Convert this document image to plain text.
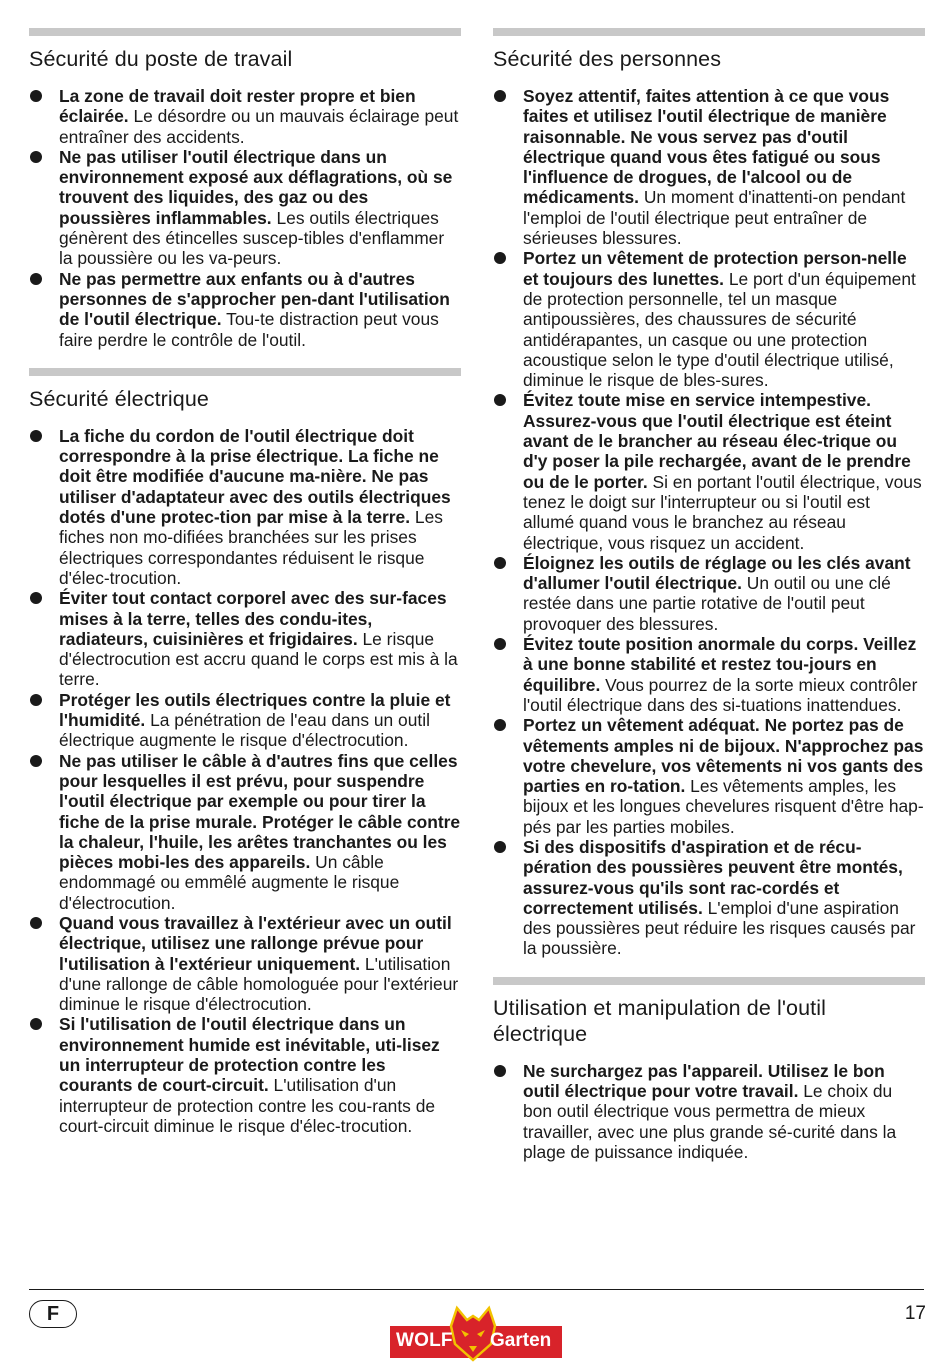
Sécurité du poste de travail
La zone de travail doit rester propre et bien éclairée. Le désordre ou un mauvais éclairage peut entraîner des accidents.
Ne pas utiliser l'outil électrique dans un environnement exposé aux déflagrations, où se trouvent des liquides, des gaz ou des poussières inflammables. Les outils électriques génèrent des étincelles suscep-tibles d'enflammer la poussière ou les va-peurs.
Ne pas permettre aux enfants ou à d'autres personnes de s'approcher pen-dant l'utilisation de l'outil électrique. Tou-te distraction peut vous faire perdre le contrôle de l'outil.
Sécurité électrique
La fiche du cordon de l'outil électrique doit correspondre à la prise électrique. La fiche ne doit être modifiée d'aucune ma-nière. Ne pas utiliser d'adaptateur avec des outils électriques dotés d'une protec-tion par mise à la terre. Les fiches non mo-difiées branchées sur les prises électriques correspondantes réduisent le risque d'élec-trocution.
Éviter tout contact corporel avec des sur-faces mises à la terre, telles des condu-ites, radiateurs, cuisinières et frigidaires. Le risque d'électrocution est accru quand le corps est mis à la terre.
Protéger les outils électriques contre la pluie et l'humidité. La pénétration de l'eau dans un outil électrique augmente le risque d'électrocution.
Ne pas utiliser le câble à d'autres fins que celles pour lesquelles il est prévu, pour suspendre l'outil électrique par exemple ou pour tirer la fiche de la prise murale. Protéger le câble contre la chaleur, l'huile, les arêtes tranchantes ou les pièces mobi-les des appareils. Un câble endommagé ou emmêlé augmente le risque d'électrocution.
Quand vous travaillez à l'extérieur avec un outil électrique, utilisez une rallonge prévue pour l'utilisation à l'extérieur uniquement. L'utilisation d'une rallonge de câble homologuée pour l'extérieur diminue le risque d'électrocution.
Si l'utilisation de l'outil électrique dans un environnement humide est inévitable, uti-lisez un interrupteur de protection contre les courants de court-circuit. L'utilisation d'un interrupteur de protection contre les cou-rants de court-circuit diminue le risque d'élec-trocution.
Sécurité des personnes
Soyez attentif, faites attention à ce que vous faites et utilisez l'outil électrique de manière raisonnable. Ne vous servez pas d'outil électrique quand vous êtes fatigué ou sous l'influence de drogues, de l'alcool ou de médicaments. Un moment d'inattenti-on pendant l'emploi de l'outil électrique peut entraîner de sérieuses blessures.
Portez un vêtement de protection person-nelle et toujours des lunettes. Le port d'un équipement de protection personnelle, tel un masque antipoussières, des chaussures de sécurité antidérapantes, un casque ou une protection acoustique selon le type d'outil électrique utilisé, diminue le risque de bles-sures.
Évitez toute mise en service intempestive. Assurez-vous que l'outil électrique est éteint avant de le brancher au réseau élec-trique ou d'y poser la pile rechargée, avant de le prendre ou de le porter. Si en portant l'outil électrique, vous tenez le doigt sur l'interrupteur ou si l'outil est allumé quand vous le branchez au réseau électrique, vous risquez un accident.
Éloignez les outils de réglage ou les clés avant d'allumer l'outil électrique. Un outil ou une clé restée dans une partie rotative de l'outil peut provoquer des blessures.
Évitez toute position anormale du corps. Veillez à une bonne stabilité et restez tou-jours en équilibre. Vous pourrez de la sorte mieux contrôler l'outil électrique dans des si-tuations inattendues.
Portez un vêtement adéquat. Ne portez pas de vêtements amples ni de bijoux. N'approchez pas votre chevelure, vos vêtements ni vos gants des parties en ro-tation. Les vêtements amples, les bijoux et les longues chevelures risquent d'être hap-pés par les parties mobiles.
Si des dispositifs d'aspiration et de récu-pération des poussières peuvent être montés, assurez-vous qu'ils sont rac-cordés et correctement utilisés. L'emploi d'une aspiration des poussières peut réduire les risques causés par la poussière.
Utilisation et manipulation de l'outil électrique
Ne surchargez pas l'appareil. Utilisez le bon outil électrique pour votre travail. Le choix du bon outil électrique vous permettra de mieux travailler, avec une plus grande sé-curité dans la plage de puissance indiquée.
F
WOLF Garten
17
